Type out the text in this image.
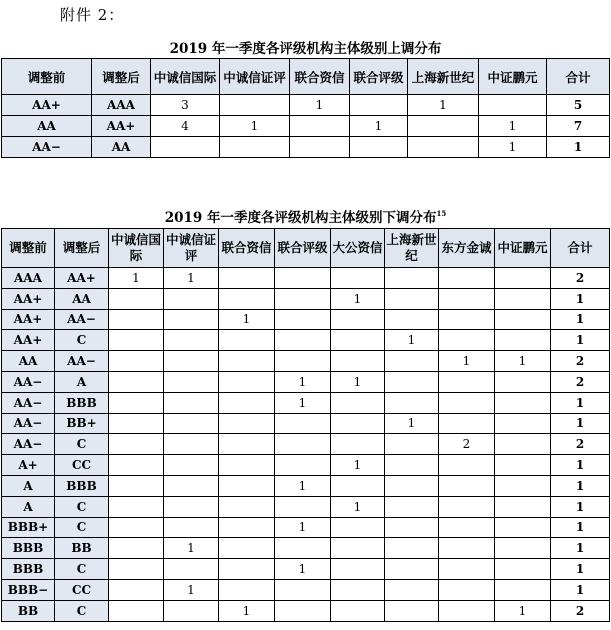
附件 2：
2019 年一季度各评级机构主体级别上调分布
调整前	调整后	中诚信国际	中诚信证评	联合资信	联合评级	上海新世纪	中证鹏元	合计
AA+	AAA	3		1		1		5
AA	AA+	4	1		1		1	7
AA−	AA						1	1
2019 年一季度各评级机构主体级别下调分布$^{15}$
调整前	调整后	中诚信国际	中诚信证评	联合资信	联合评级	大公资信	上海新世纪	东方金诚	中证鹏元	合计
AAA	AA+	1	1							2
AA+	AA					1				1
AA+	AA−			1						1
AA+	C						1			1
AA	AA−							1	1	2
AA−	A				1	1				2
AA−	BBB				1					1
AA−	BB+						1			1
AA−	C							2		2
A+	CC					1				1
A	BBB				1					1
A	C					1				1
BBB+	C				1					1
BBB	BB		1							1
BBB	C				1					1
BBB−	CC		1							1
BB	C			1					1	2
